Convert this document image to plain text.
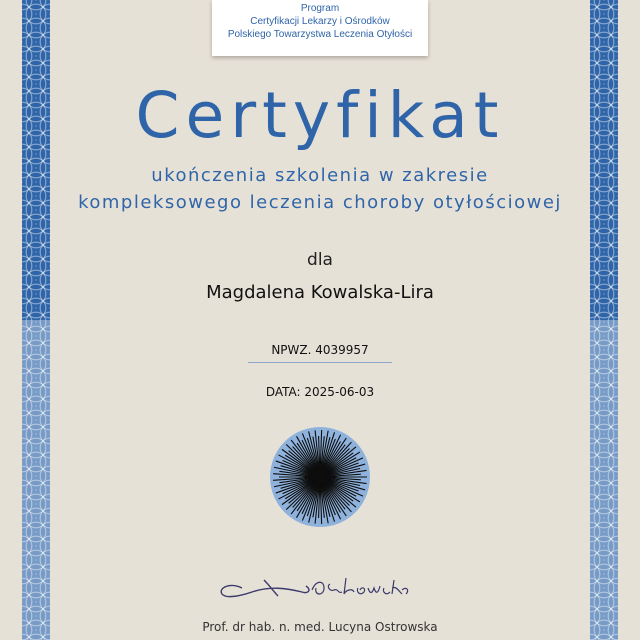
Program
Certyfikacji Lekarzy i Ośrodków
Polskiego Towarzystwa Leczenia Otyłości
Certyfikat
ukończenia szkolenia w zakresie
kompleksowego leczenia choroby otyłościowej
dla
Magdalena Kowalska-Lira
NPWZ. 4039957
DATA: 2025-06-03
Prof. dr hab. n. med. Lucyna Ostrowska
